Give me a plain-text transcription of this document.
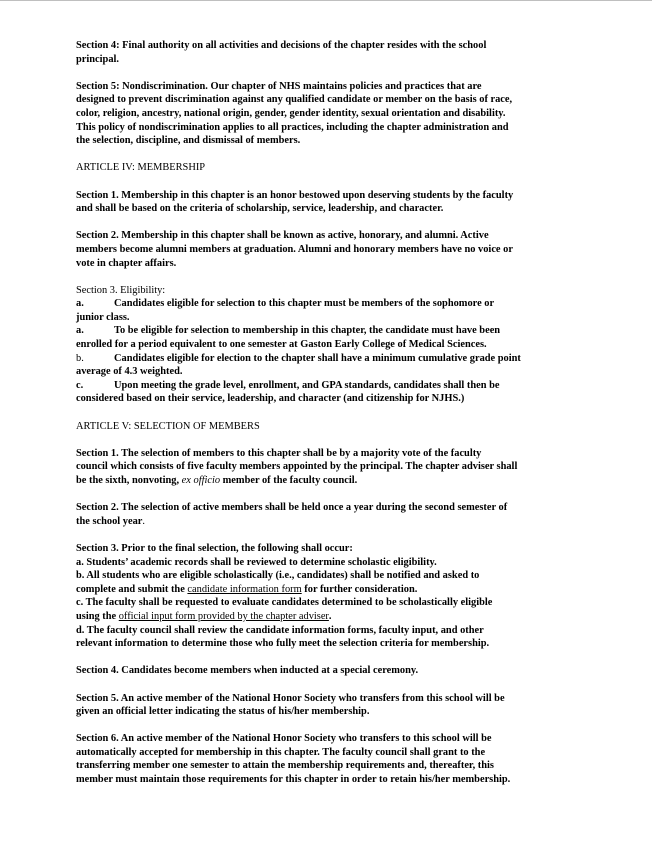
Section 4: Final authority on all activities and decisions of the chapter resides with the school
principal.
Section 5: Nondiscrimination. Our chapter of NHS maintains policies and practices that are
designed to prevent discrimination against any qualified candidate or member on the basis of race,
color, religion, ancestry, national origin, gender, gender identity, sexual orientation and disability.
This policy of nondiscrimination applies to all practices, including the chapter administration and
the selection, discipline, and dismissal of members.
ARTICLE IV: MEMBERSHIP
Section 1. Membership in this chapter is an honor bestowed upon deserving students by the faculty
and shall be based on the criteria of scholarship, service, leadership, and character.
Section 2. Membership in this chapter shall be known as active, honorary, and alumni. Active
members become alumni members at graduation. Alumni and honorary members have no voice or
vote in chapter affairs.
Section 3. Eligibility:
a.	Candidates eligible for selection to this chapter must be members of the sophomore or
junior class.
a.	To be eligible for selection to membership in this chapter, the candidate must have been
enrolled for a period equivalent to one semester at Gaston Early College of Medical Sciences.
b.	Candidates eligible for election to the chapter shall have a minimum cumulative grade point
average of 4.3 weighted.
c.	Upon meeting the grade level, enrollment, and GPA standards, candidates shall then be
considered based on their service, leadership, and character (and citizenship for NJHS.)
ARTICLE V: SELECTION OF MEMBERS
Section 1. The selection of members to this chapter shall be by a majority vote of the faculty
council which consists of five faculty members appointed by the principal. The chapter adviser shall
be the sixth, nonvoting, ex officio member of the faculty council.
Section 2. The selection of active members shall be held once a year during the second semester of
the school year.
Section 3. Prior to the final selection, the following shall occur:
a. Students’ academic records shall be reviewed to determine scholastic eligibility.
b. All students who are eligible scholastically (i.e., candidates) shall be notified and asked to
complete and submit the candidate information form for further consideration.
c. The faculty shall be requested to evaluate candidates determined to be scholastically eligible
using the official input form provided by the chapter adviser.
d. The faculty council shall review the candidate information forms, faculty input, and other
relevant information to determine those who fully meet the selection criteria for membership.
Section 4. Candidates become members when inducted at a special ceremony.
Section 5. An active member of the National Honor Society who transfers from this school will be
given an official letter indicating the status of his/her membership.
Section 6. An active member of the National Honor Society who transfers to this school will be
automatically accepted for membership in this chapter. The faculty council shall grant to the
transferring member one semester to attain the membership requirements and, thereafter, this
member must maintain those requirements for this chapter in order to retain his/her membership.
